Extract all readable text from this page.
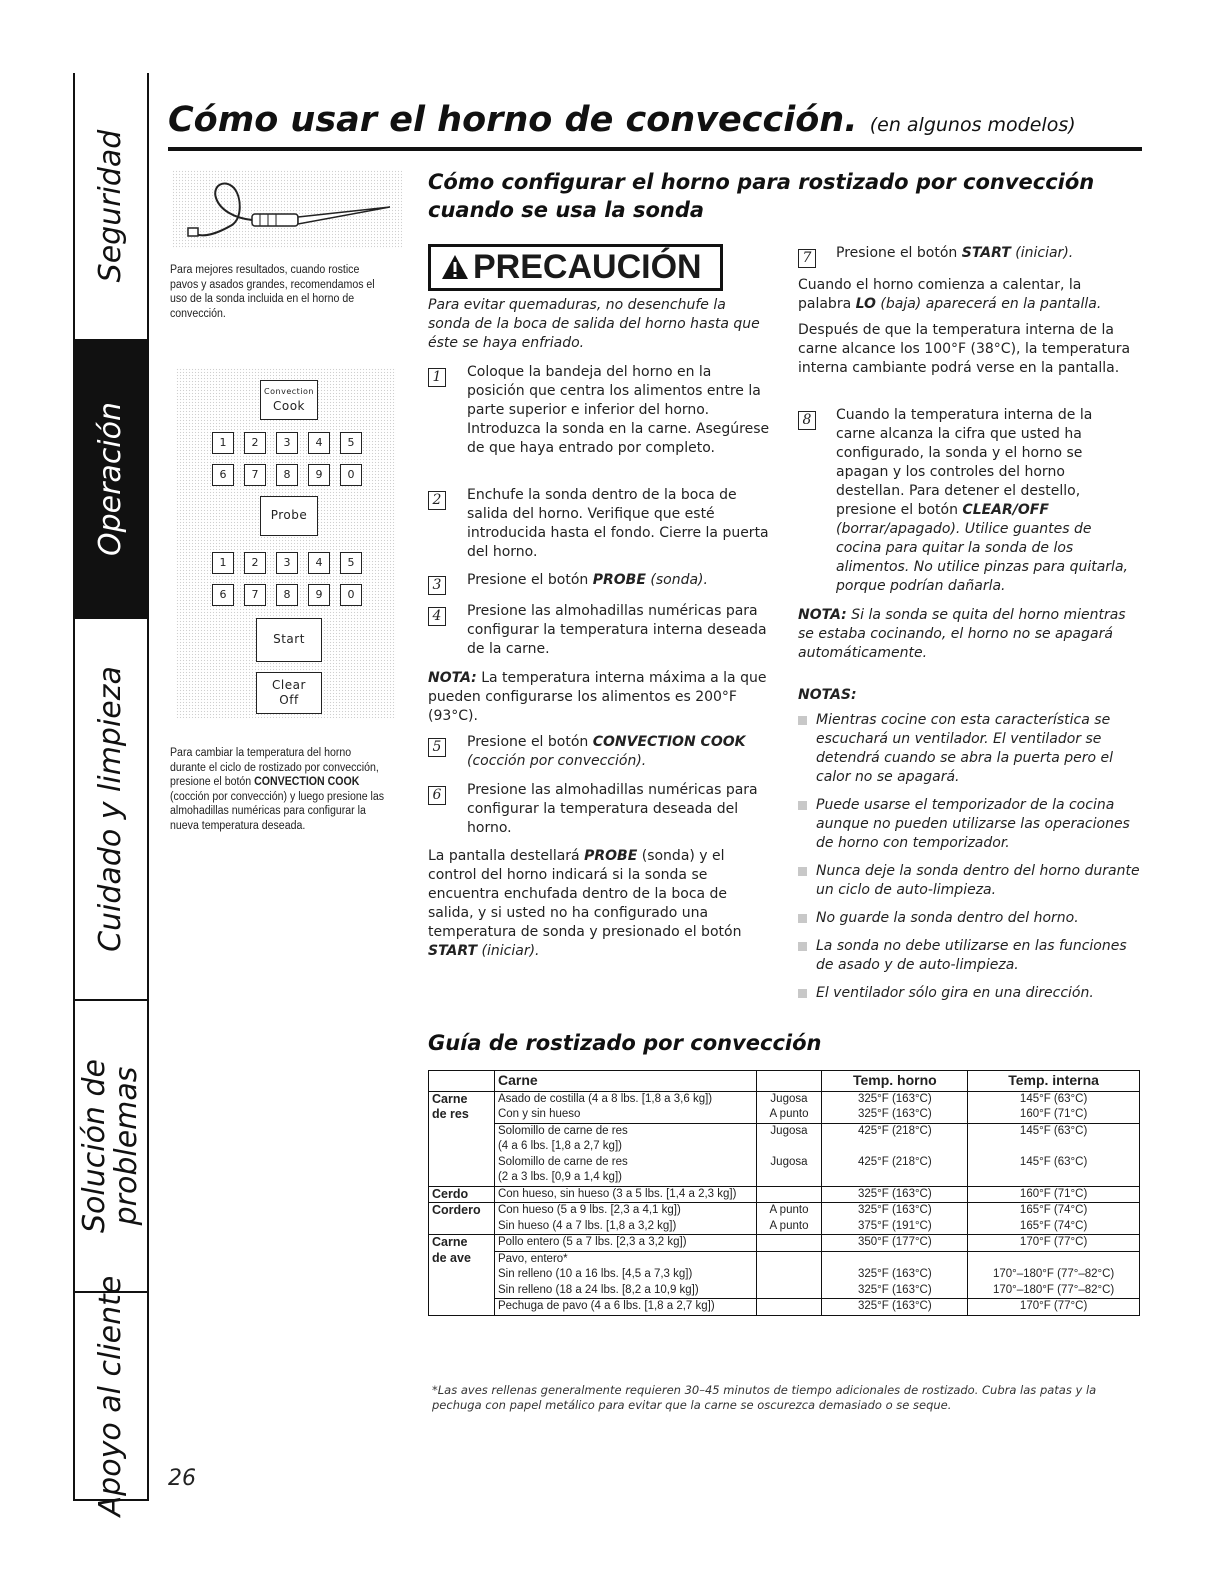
Seguridad
Operación
Cuidado y limpieza
Solución de
problemas
Apoyo al cliente
Cómo usar el horno de convección. (en algunos modelos)
Para mejores resultados, cuando rostice pavos y asados grandes, recomendamos el uso de la sonda incluida en el horno de convección.
Convection
Cook
1	2	3	4	5
6	7	8	9	0
Probe
1	2	3	4	5
6	7	8	9	0
Start
Clear
Off
Para cambiar la temperatura del horno durante el ciclo de rostizado por convección, presione el botón CONVECTION COOK (cocción por convección) y luego presione las almohadillas numéricas para configurar la nueva temperatura deseada.
Cómo configurar el horno para rostizado por convección cuando se usa la sonda
PRECAUCIÓN
Para evitar quemaduras, no desenchufe la sonda de la boca de salida del horno hasta que éste se haya enfriado.
1	Coloque la bandeja del horno en la posición que centra los alimentos entre la parte superior e inferior del horno. Introduzca la sonda en la carne. Asegúrese de que haya entrado por completo.
2	Enchufe la sonda dentro de la boca de salida del horno. Verifique que esté introducida hasta el fondo. Cierre la puerta del horno.
3	Presione el botón PROBE (sonda).
4	Presione las almohadillas numéricas para configurar la temperatura interna deseada de la carne.
NOTA: La temperatura interna máxima a la que pueden configurarse los alimentos es 200°F (93°C).
5	Presione el botón CONVECTION COOK (cocción por convección).
6	Presione las almohadillas numéricas para configurar la temperatura deseada del horno.
La pantalla destellará PROBE (sonda) y el control del horno indicará si la sonda se encuentra enchufada dentro de la boca de salida, y si usted no ha configurado una temperatura de sonda y presionado el botón START (iniciar).
7	Presione el botón START (iniciar).
Cuando el horno comienza a calentar, la palabra LO (baja) aparecerá en la pantalla.
Después de que la temperatura interna de la carne alcance los 100°F (38°C), la temperatura interna cambiante podrá verse en la pantalla.
8	Cuando la temperatura interna de la carne alcanza la cifra que usted ha configurado, la sonda y el horno se apagan y los controles del horno destellan. Para detener el destello, presione el botón CLEAR/OFF (borrar/apagado). Utilice guantes de cocina para quitar la sonda de los alimentos. No utilice pinzas para quitarla, porque podrían dañarla.
NOTA: Si la sonda se quita del horno mientras se estaba cocinando, el horno no se apagará automáticamente.
NOTAS:
Mientras cocine con esta característica se escuchará un ventilador. El ventilador se detendrá cuando se abra la puerta pero el calor no se apagará.
Puede usarse el temporizador de la cocina aunque no pueden utilizarse las operaciones de horno con temporizador.
Nunca deje la sonda dentro del horno durante un ciclo de auto-limpieza.
No guarde la sonda dentro del horno.
La sonda no debe utilizarse en las funciones de asado y de auto-limpieza.
El ventilador sólo gira en una dirección.
Guía de rostizado por convección
	Carne		Temp. horno	Temp. interna
Carne	Asado de costilla (4 a 8 lbs. [1,8 a 3,6 kg])	Jugosa	325°F (163°C)	145°F (63°C)
de res	Con y sin hueso	A punto	325°F (163°C)	160°F (71°C)
	Solomillo de carne de res	Jugosa	425°F (218°C)	145°F (63°C)
	(4 a 6 lbs. [1,8 a 2,7 kg])			
	Solomillo de carne de res	Jugosa	425°F (218°C)	145°F (63°C)
	(2 a 3 lbs. [0,9 a 1,4 kg])			
Cerdo	Con hueso, sin hueso (3 a 5 lbs. [1,4 a 2,3 kg])		325°F (163°C)	160°F (71°C)
Cordero	Con hueso (5 a 9 lbs. [2,3 a 4,1 kg])	A punto	325°F (163°C)	165°F (74°C)
	Sin hueso (4 a 7 lbs. [1,8 a 3,2 kg])	A punto	375°F (191°C)	165°F (74°C)
Carne	Pollo entero (5 a 7 lbs. [2,3 a 3,2 kg])		350°F (177°C)	170°F (77°C)
de ave	Pavo, entero*			
	Sin relleno (10 a 16 lbs. [4,5 a 7,3 kg])		325°F (163°C)	170°–180°F (77°–82°C)
	Sin relleno (18 a 24 lbs. [8,2 a 10,9 kg])		325°F (163°C)	170°–180°F (77°–82°C)
	Pechuga de pavo (4 a 6 lbs. [1,8 a 2,7 kg])		325°F (163°C)	170°F (77°C)
*Las aves rellenas generalmente requieren 30–45 minutos de tiempo adicionales de rostizado. Cubra las patas y la pechuga con papel metálico para evitar que la carne se oscurezca demasiado o se seque.
26
